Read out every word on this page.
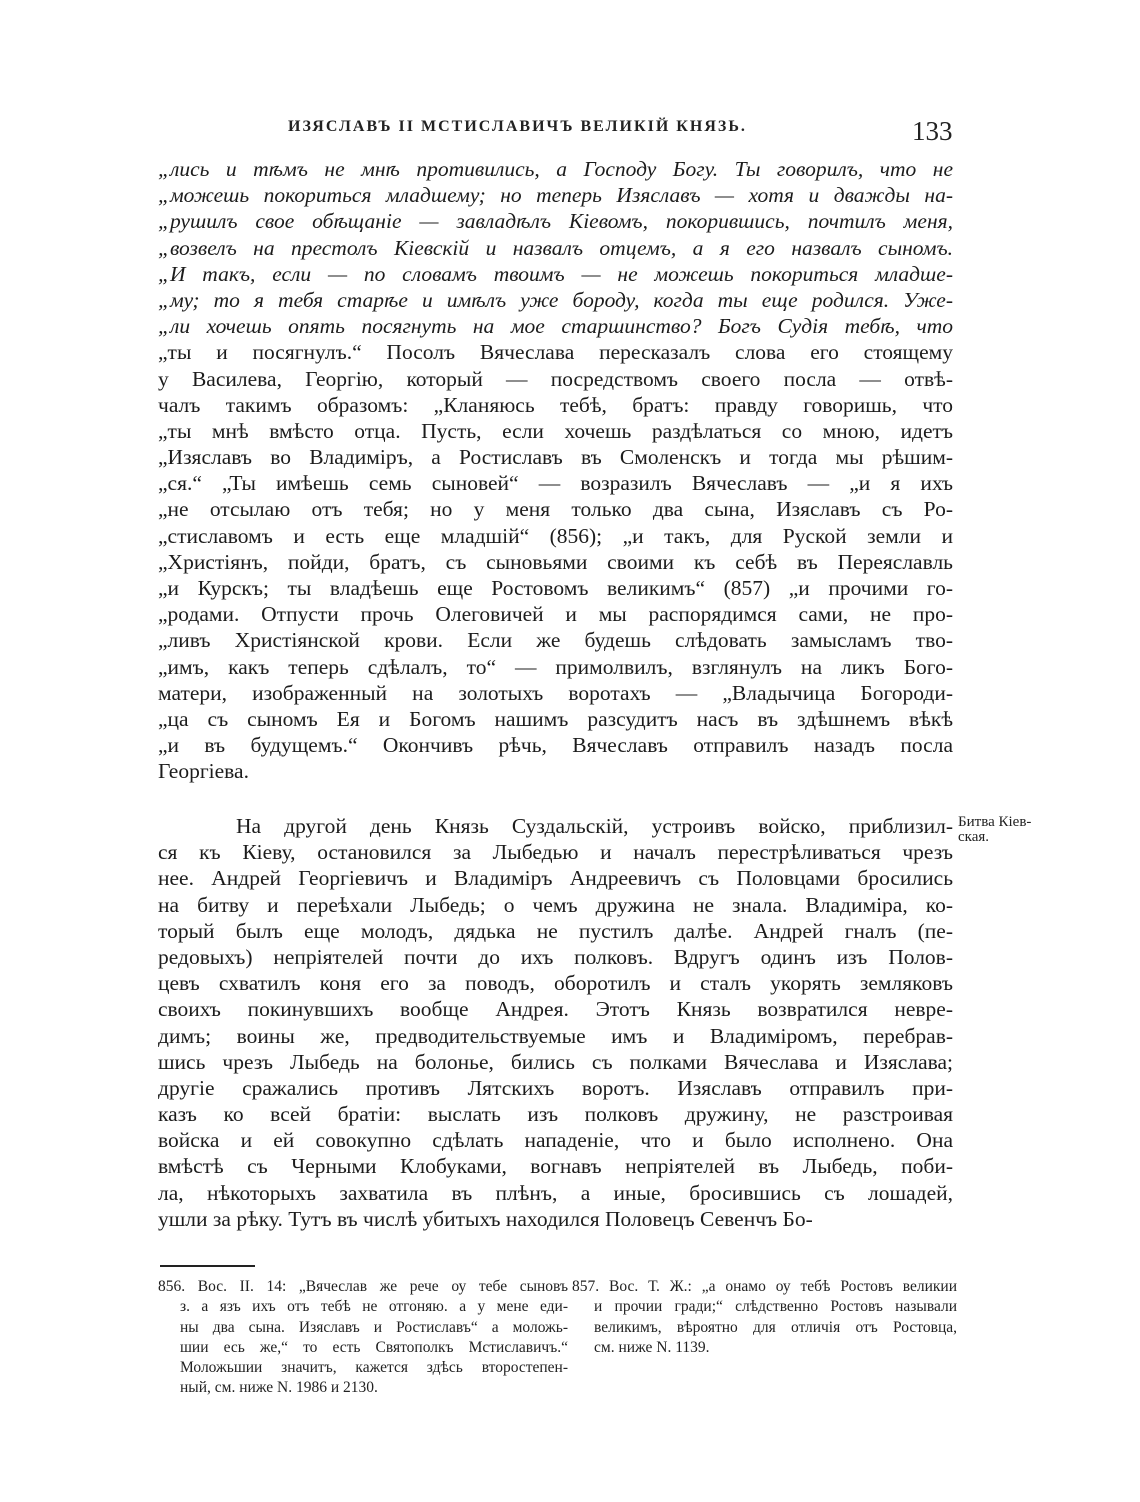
ИЗЯСЛАВЪ II МСТИСЛАВИЧЪ ВЕЛИКІЙ КНЯЗЬ.	133
„лись и тѣмъ не мнѣ противились, а Господу Богу. Ты говорилъ, что не
„можешь покориться младшему; но теперь Изяславъ — хотя и дважды на-
„рушилъ свое обѣщаніе — завладѣлъ Кіевомъ, покорившись, почтилъ меня,
„возвелъ на престолъ Кіевскій и назвалъ отцемъ, а я его назвалъ сыномъ.
„И такъ, если — по словамъ твоимъ — не можешь покориться младше-
„му; то я тебя старѣе и имѣлъ уже бороду, когда ты еще родился. Уже-
„ли хочешь опять посягнуть на мое старшинство? Богъ Судія тебѣ, что
„ты и посягнулъ.“ Посолъ Вячеслава пересказалъ слова его стоящему
у Василева, Георгію, который — посредствомъ своего посла — отвѣ-
чалъ такимъ образомъ: „Кланяюсь тебѣ, братъ: правду говоришь, что
„ты мнѣ вмѣсто отца. Пусть, если хочешь раздѣлаться со мною, идетъ
„Изяславъ во Владиміръ, а Ростиславъ въ Смоленскъ и тогда мы рѣшим-
„ся.“ „Ты имѣешь семь сыновей“ — возразилъ Вячеславъ — „и я ихъ
„не отсылаю отъ тебя; но у меня только два сына, Изяславъ съ Ро-
„стиславомъ и есть еще младшій“ (856); „и такъ, для Руской земли и
„Христіянъ, пойди, братъ, съ сыновьями своими къ себѣ въ Переяславль
„и Курскъ; ты владѣешь еще Ростовомъ великимъ“ (857) „и прочими го-
„родами. Отпусти прочь Олеговичей и мы распорядимся сами, не про-
„ливъ Христіянской крови. Если же будешь слѣдовать замысламъ тво-
„имъ, какъ теперь сдѣлалъ, то“ — примолвилъ, взглянулъ на ликъ Бого-
матери, изображенный на золотыхъ воротахъ — „Владычица Богороди-
„ца съ сыномъ Ея и Богомъ нашимъ разсудитъ насъ въ здѣшнемъ вѣкѣ
„и въ будущемъ.“ Окончивъ рѣчь, Вячеславъ отправилъ назадъ посла
Георгіева.
На другой день Князь Суздальскій, устроивъ войско, приблизил-
ся къ Кіеву, остановился за Лыбедью и началъ перестрѣливаться чрезъ
нее. Андрей Георгіевичъ и Владиміръ Андреевичъ съ Половцами бросились
на битву и переѣхали Лыбедь; о чемъ дружина не знала. Владиміра, ко-
торый былъ еще молодъ, дядька не пустилъ далѣе. Андрей гналъ (пе-
редовыхъ) непріятелей почти до ихъ полковъ. Вдругъ одинъ изъ Полов-
цевъ схватилъ коня его за поводъ, оборотилъ и сталъ укорять земляковъ
своихъ покинувшихъ вообще Андрея. Этотъ Князь возвратился невре-
димъ; воины же, предводительствуемые имъ и Владиміромъ, перебрав-
шись чрезъ Лыбедь на болонье, бились съ полками Вячеслава и Изяслава;
другіе сражались противъ Лятскихъ воротъ. Изяславъ отправилъ при-
казъ ко всей братіи: выслать изъ полковъ дружину, не разстроивая
войска и ей совокупно сдѣлать нападеніе, что и было исполнено. Она
вмѣстѣ съ Черными Клобуками, вогнавъ непріятелей въ Лыбедь, поби-
ла, нѣкоторыхъ захватила въ плѣнъ, а иные, бросившись съ лошадей,
ушли за рѣку. Тутъ въ числѣ убитыхъ находился Половецъ Севенчъ Бо-
Битва Кіев-
ская.
856. Вос. II. 14: „Вячеслав же рече оу тебе сыновъ
з. а язъ ихъ отъ тебѣ не отгоняю. а у мене еди-
ны два сына. Изяславъ и Ростиславъ“ а моложь-
шии есь же,“ то есть Святополкъ Мстиславичъ.“
Моложьшии значитъ, кажется здѣсь второстепен-
ный, см. ниже N. 1986 и 2130.
857. Вос. Т. Ж.: „а онамо оу тебѣ Ростовъ великии
и прочии гради;“ слѣдственно Ростовъ называли
великимъ, вѣроятно для отличія отъ Ростовца,
см. ниже N. 1139.
